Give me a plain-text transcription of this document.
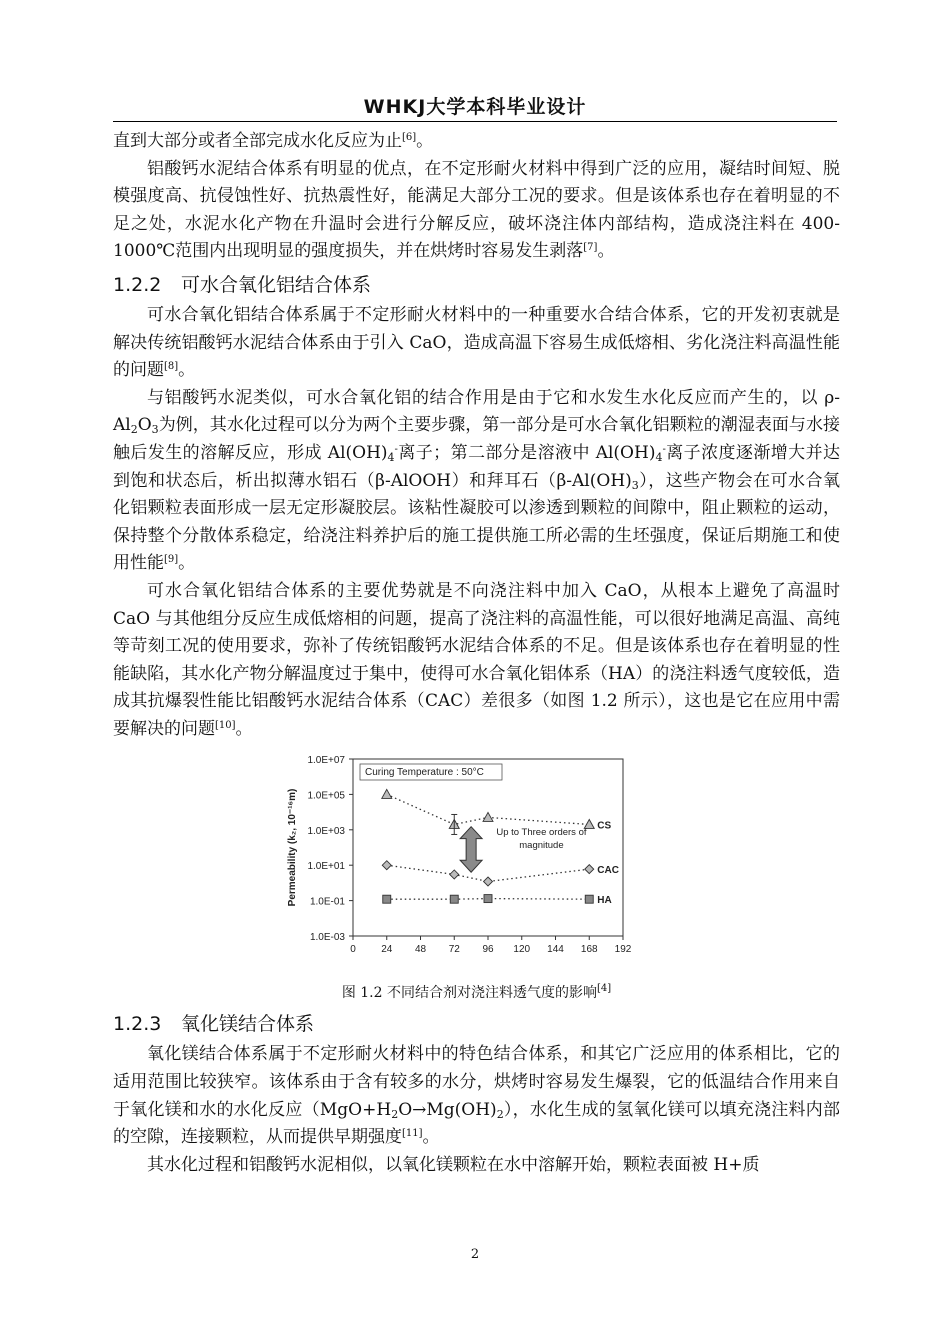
WHKJ大学本科毕业设计

直到大部分或者全部完成水化反应为止[6]。

铝酸钙水泥结合体系有明显的优点，在不定形耐火材料中得到广泛的应用，凝结时间短、脱模强度高、抗侵蚀性好、抗热震性好，能满足大部分工况的要求。但是该体系也存在着明显的不足之处，水泥水化产物在升温时会进行分解反应，破坏浇注体内部结构，造成浇注料在 400-1000℃范围内出现明显的强度损失，并在烘烤时容易发生剥落[7]。

1.2.2 可水合氧化铝结合体系

可水合氧化铝结合体系属于不定形耐火材料中的一种重要水合结合体系，它的开发初衷就是解决传统铝酸钙水泥结合体系由于引入 CaO，造成高温下容易生成低熔相、劣化浇注料高温性能的问题[8]。

与铝酸钙水泥类似，可水合氧化铝的结合作用是由于它和水发生水化反应而产生的，以 $\rho-Al_2O_3$为例，其水化过程可以分为两个主要步骤，第一部分是可水合氧化铝颗粒的潮湿表面与水接触后发生的溶解反应，形成 $Al(OH)_4^-$离子；第二部分是溶液中 $Al(OH)_4^-$离子浓度逐渐增大并达到饱和状态后，析出拟薄水铝石（β-AlOOH）和拜耳石$(\beta-Al(OH)_3)$，这些产物会在可水合氧化铝颗粒表面形成一层无定形凝胶层。该粘性凝胶可以渗透到颗粒的间隙中，阻止颗粒的运动，保持整个分散体系稳定，给浇注料养护后的施工提供施工所必需的生坯强度，保证后期施工和使用性能[9]。

可水合氧化铝结合体系的主要优势就是不向浇注料中加入 CaO，从根本上避免了高温时 CaO 与其他组分反应生成低熔相的问题，提高了浇注料的高温性能，可以很好地满足高温、高纯等苛刻工况的使用要求，弥补了传统铝酸钙水泥结合体系的不足。但是该体系也存在着明显的性能缺陷，其水化产物分解温度过于集中，使得可水合氧化铝体系（HA）的浇注料透气度较低，造成其抗爆裂性能比铝酸钙水泥结合体系（CAC）差很多（如图 1.2 所示），这也是它在应用中需要解决的问题[10]。

1.0E-03
1.0E-01
1.0E+01
1.0E+03
1.0E+05
1.0E+07
0	24 48 72 96 120 144 168 192
Permeability (k₂, 10⁻¹⁶m)
Curing Temperature : 50°C
CS
CAC
HA
Up to Three orders of
magnitude

图 1.2 不同结合剂对浇注料透气度的影响[4]

1.2.3 氧化镁结合体系

氧化镁结合体系属于不定形耐火材料中的特色结合体系，和其它广泛应用的体系相比，它的适用范围比较狭窄。该体系由于含有较多的水分，烘烤时容易发生爆裂，它的低温结合作用来自于氧化镁和水的水化反应$(MgO+H_2O\to Mg(OH)_2)$，水化生成的氢氧化镁可以填充浇注料内部的空隙，连接颗粒，从而提供早期强度[11]。

其水化过程和铝酸钙水泥相似，以氧化镁颗粒在水中溶解开始，颗粒表面被 H+质

2
